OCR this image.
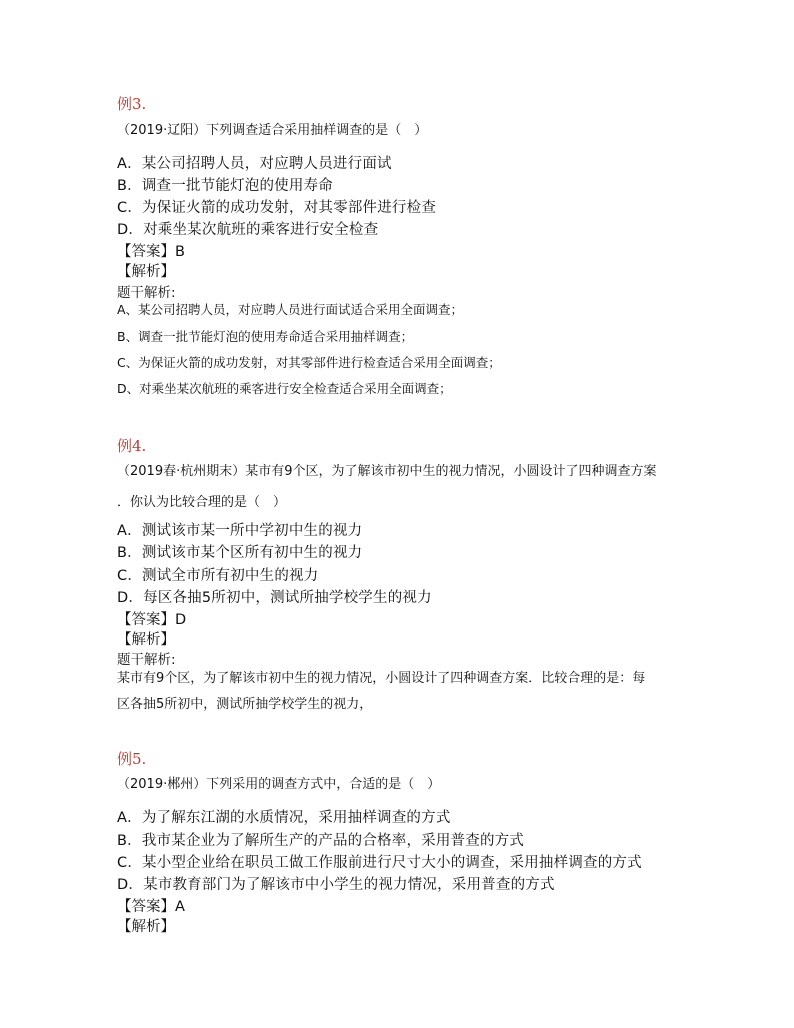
例3.
（2019·辽阳）下列调查适合采用抽样调查的是（　）
A．某公司招聘人员，对应聘人员进行面试
B．调查一批节能灯泡的使用寿命
C．为保证火箭的成功发射，对其零部件进行检查
D．对乘坐某次航班的乘客进行安全检查
【答案】B
【解析】
题干解析:
A、某公司招聘人员，对应聘人员进行面试适合采用全面调查；
B、调查一批节能灯泡的使用寿命适合采用抽样调查；
C、为保证火箭的成功发射，对其零部件进行检查适合采用全面调查；
D、对乘坐某次航班的乘客进行安全检查适合采用全面调查；
例4.
（2019春·杭州期末）某市有9个区，为了解该市初中生的视力情况，小圆设计了四种调查方案
．你认为比较合理的是（　）
A．测试该市某一所中学初中生的视力
B．测试该市某个区所有初中生的视力
C．测试全市所有初中生的视力
D．每区各抽5所初中，测试所抽学校学生的视力
【答案】D
【解析】
题干解析:
某市有9个区，为了解该市初中生的视力情况，小圆设计了四种调查方案．比较合理的是：每
区各抽5所初中，测试所抽学校学生的视力，
例5.
（2019·郴州）下列采用的调查方式中，合适的是（　）
A．为了解东江湖的水质情况，采用抽样调查的方式
B．我市某企业为了解所生产的产品的合格率，采用普查的方式
C．某小型企业给在职员工做工作服前进行尺寸大小的调查，采用抽样调查的方式
D．某市教育部门为了解该市中小学生的视力情况，采用普查的方式
【答案】A
【解析】
